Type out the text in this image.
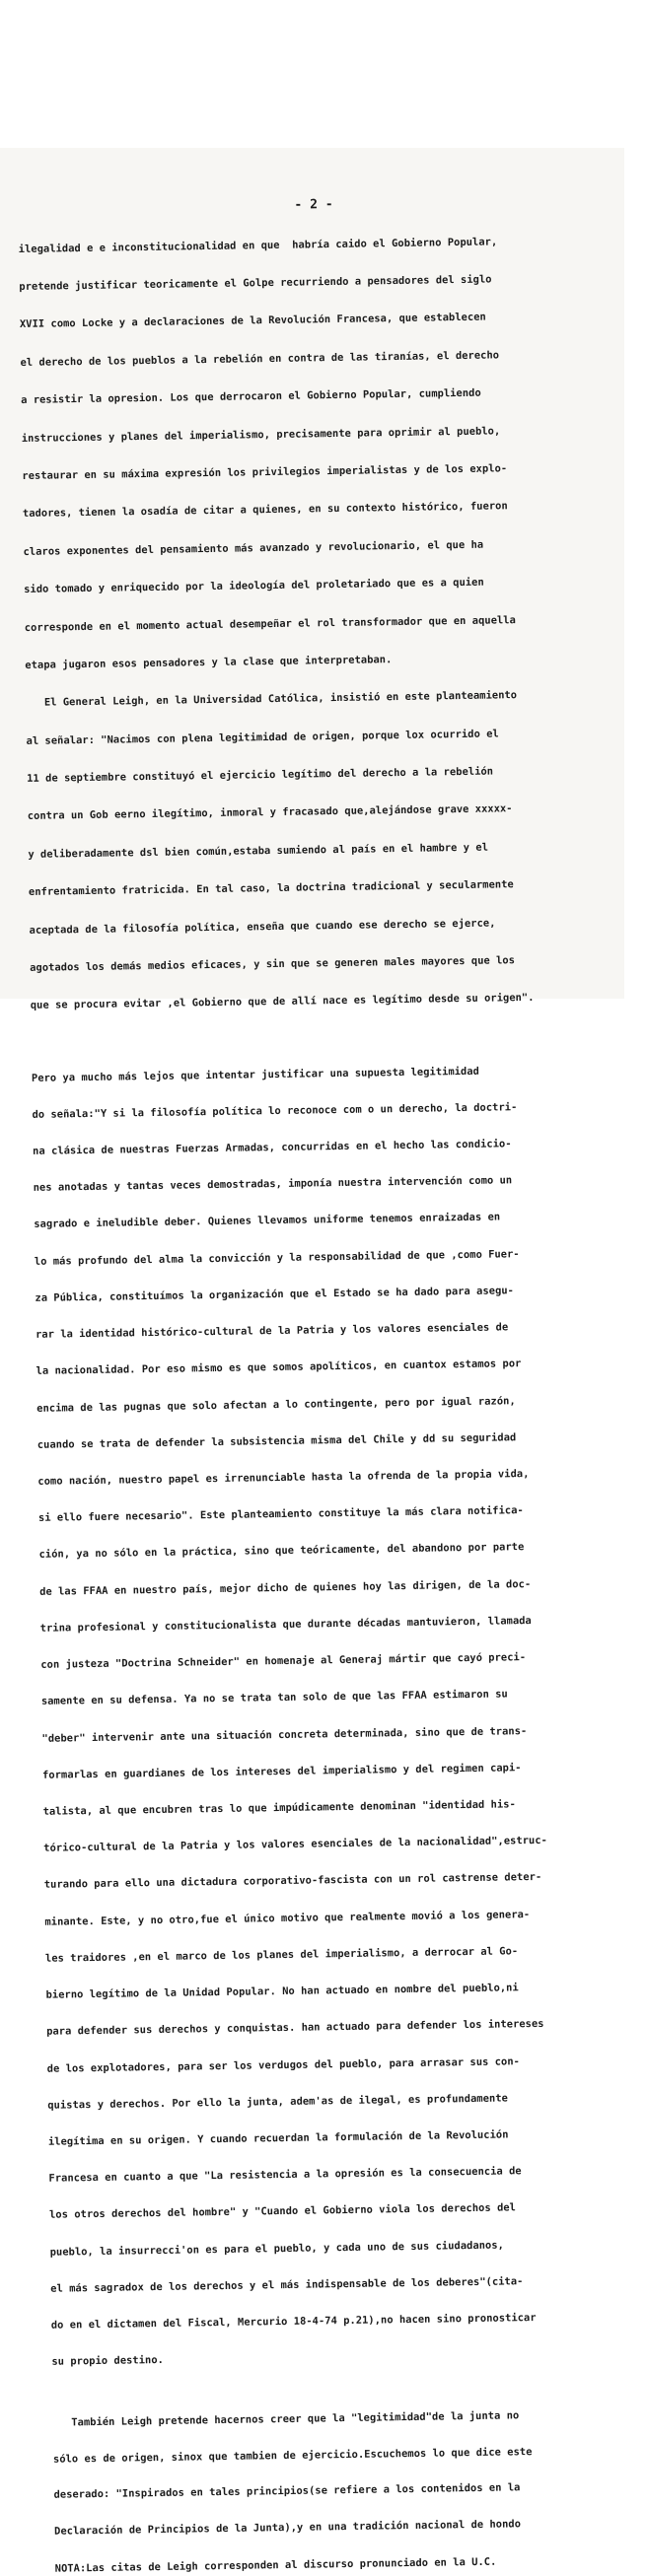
- 2 -

ilegalidad e e inconstitucionalidad en que  habría caido el Gobierno Popular,

pretende justificar teoricamente el Golpe recurriendo a pensadores del siglo

XVII como Locke y a declaraciones de la Revolución Francesa, que establecen

el derecho de los pueblos a la rebelión en contra de las tiranías, el derecho

a resistir la opresion. Los que derrocaron el Gobierno Popular, cumpliendo

instrucciones y planes del imperialismo, precisamente para oprimir al pueblo,

restaurar en su máxima expresión los privilegios imperialistas y de los explo-

tadores, tienen la osadía de citar a quienes, en su contexto histórico, fueron

claros exponentes del pensamiento más avanzado y revolucionario, el que ha

sido tomado y enriquecido por la ideología del proletariado que es a quien

corresponde en el momento actual desempeñar el rol transformador que en aquella

etapa jugaron esos pensadores y la clase que interpretaban.

El General Leigh, en la Universidad Católica, insistió en este planteamiento

al señalar: "Nacimos con plena legitimidad de origen, porque lox ocurrido el

11 de septiembre constituyó el ejercicio legítimo del derecho a la rebelión

contra un Gob eerno ilegítimo, inmoral y fracasado que,alejándose grave xxxxx-

y deliberadamente dsl bien común,estaba sumiendo al país en el hambre y el

enfrentamiento fratricida. En tal caso, la doctrina tradicional y secularmente

aceptada de la filosofía política, enseña que cuando ese derecho se ejerce,

agotados los demás medios eficaces, y sin que se generen males mayores que los

que se procura evitar ,el Gobierno que de allí nace es legítimo desde su origen".

Pero ya mucho más lejos que intentar justificar una supuesta legitimidad

do señala:"Y si la filosofía política lo reconoce com o un derecho, la doctri-

na clásica de nuestras Fuerzas Armadas, concurridas en el hecho las condicio-

nes anotadas y tantas veces demostradas, imponía nuestra intervención como un

sagrado e ineludible deber. Quienes llevamos uniforme tenemos enraizadas en

lo más profundo del alma la convicción y la responsabilidad de que ,como Fuer-

za Pública, constituímos la organización que el Estado se ha dado para asegu-

rar la identidad histórico-cultural de la Patria y los valores esenciales de

la nacionalidad. Por eso mismo es que somos apolíticos, en cuantox estamos por

encima de las pugnas que solo afectan a lo contingente, pero por igual razón,

cuando se trata de defender la subsistencia misma del Chile y dd su seguridad

como nación, nuestro papel es irrenunciable hasta la ofrenda de la propia vida,

si ello fuere necesario". Este planteamiento constituye la más clara notifica-

ción, ya no sólo en la práctica, sino que teóricamente, del abandono por parte

de las FFAA en nuestro país, mejor dicho de quienes hoy las dirigen, de la doc-

trina profesional y constitucionalista que durante décadas mantuvieron, llamada

con justeza "Doctrina Schneider" en homenaje al Generaj mártir que cayó preci-

samente en su defensa. Ya no se trata tan solo de que las FFAA estimaron su

"deber" intervenir ante una situación concreta determinada, sino que de trans-

formarlas en guardianes de los intereses del imperialismo y del regimen capi-

talista, al que encubren tras lo que impúdicamente denominan "identidad his-

tórico-cultural de la Patria y los valores esenciales de la nacionalidad",estruc-

turando para ello una dictadura corporativo-fascista con un rol castrense deter-

minante. Este, y no otro,fue el único motivo que realmente movió a los genera-

les traidores ,en el marco de los planes del imperialismo, a derrocar al Go-

bierno legítimo de la Unidad Popular. No han actuado en nombre del pueblo,ni

para defender sus derechos y conquistas. han actuado para defender los intereses

de los explotadores, para ser los verdugos del pueblo, para arrasar sus con-

quistas y derechos. Por ello la junta, adem'as de ilegal, es profundamente

ilegítima en su origen. Y cuando recuerdan la formulación de la Revolución

Francesa en cuanto a que "La resistencia a la opresión es la consecuencia de

los otros derechos del hombre" y "Cuando el Gobierno viola los derechos del

pueblo, la insurrecci'on es para el pueblo, y cada uno de sus ciudadanos,

el más sagradox de los derechos y el más indispensable de los deberes"(cita-

do en el dictamen del Fiscal, Mercurio 18-4-74 p.21),no hacen sino pronosticar

su propio destino.

También Leigh pretende hacernos creer que la "legitimidad"de la junta no

sólo es de origen, sinox que tambien de ejercicio.Escuchemos lo que dice este

deserado: "Inspirados en tales principios(se refiere a los contenidos en la

Declaración de Principios de la Junta),y en una tradición nacional de hondo

NOTA:Las citas de Leigh corresponden al discurso pronunciado en la U.C.
